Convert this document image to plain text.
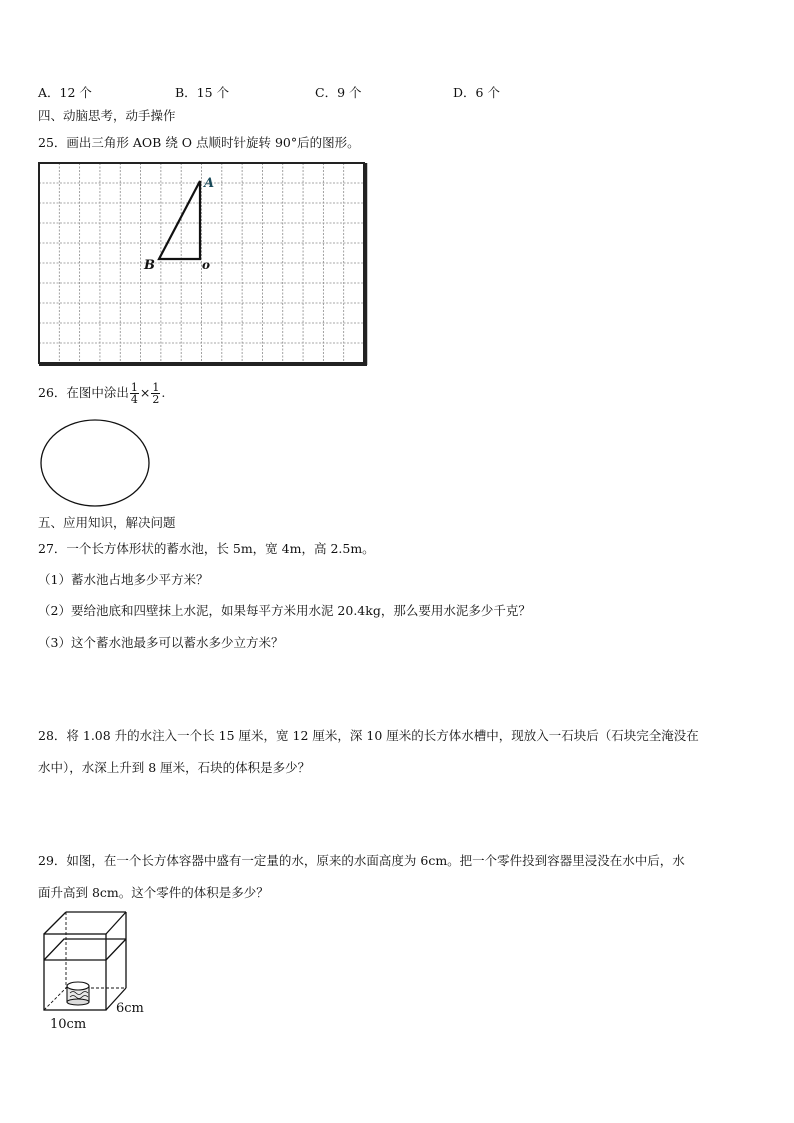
A．12 个	B．15 个	C．9 个	D．6 个
四、动脑思考，动手操作
25．画出三角形 AOB 绕 O 点顺时针旋转 90°后的图形。
A
B	o
26．在图中涂出 $\frac{1}{4} \times \frac{1}{2}$ .
五、应用知识，解决问题
27．一个长方体形状的蓄水池，长 5m，宽 4m，高 2.5m。
（1）蓄水池占地多少平方米？
（2）要给池底和四壁抹上水泥，如果每平方米用水泥 20.4kg，那么要用水泥多少千克？
（3）这个蓄水池最多可以蓄水多少立方米？
28．将 1.08 升的水注入一个长 15 厘米，宽 12 厘米，深 10 厘米的长方体水槽中，现放入一石块后（石块完全淹没在
水中），水深上升到 8 厘米，石块的体积是多少？
29．如图，在一个长方体容器中盛有一定量的水，原来的水面高度为 6cm。把一个零件投到容器里浸没在水中后，水
面升高到 8cm。这个零件的体积是多少？
6cm
10cm
